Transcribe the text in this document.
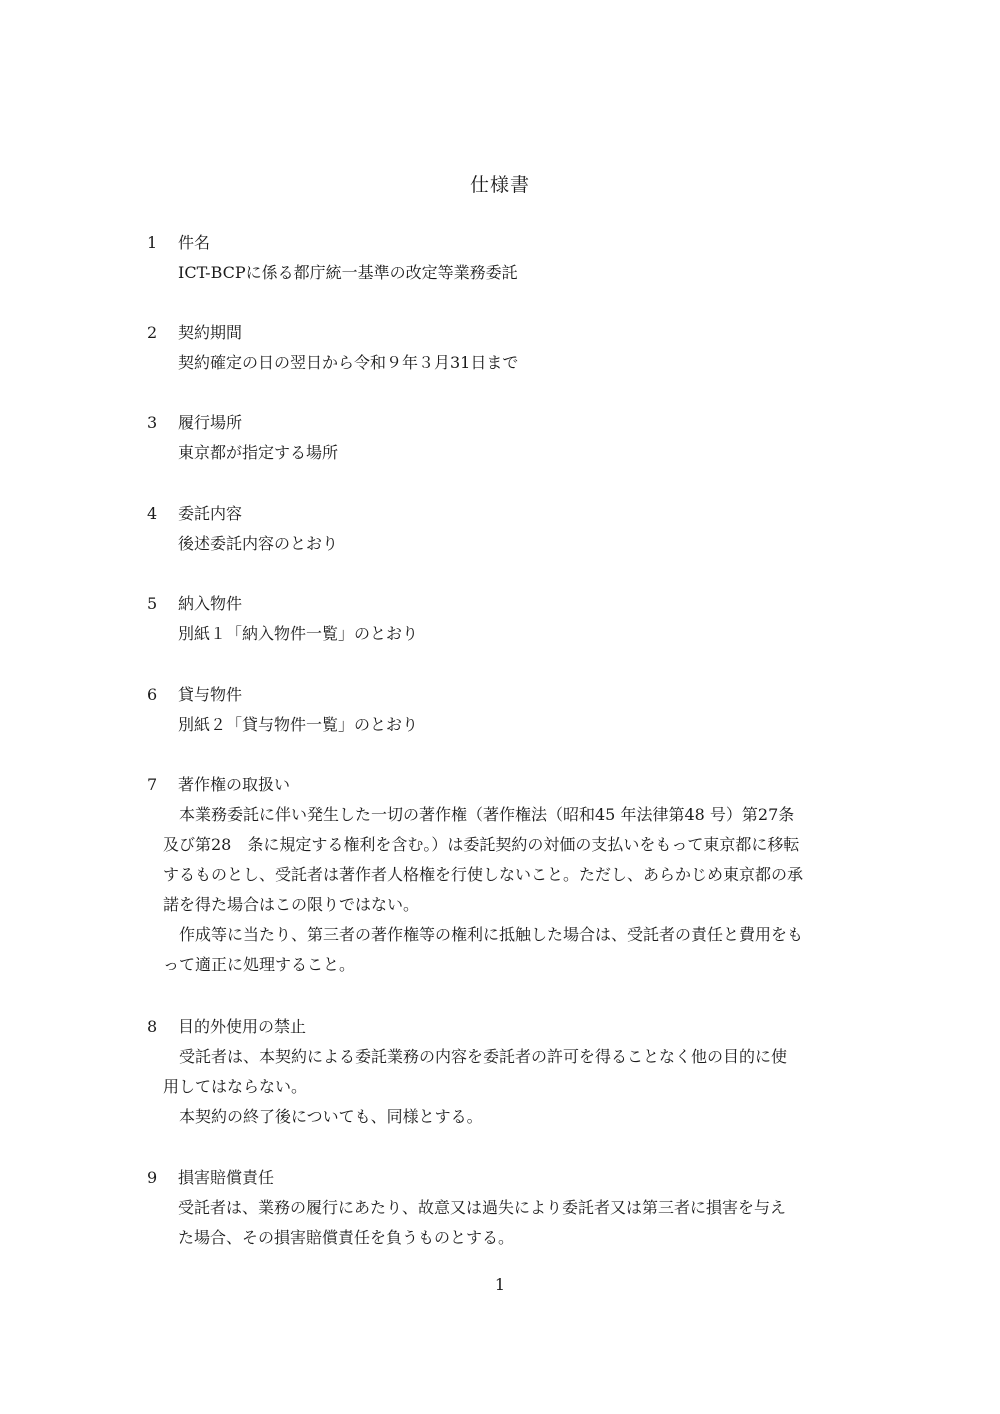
仕様書
1 件名
ICT-BCPに係る都庁統一基準の改定等業務委託
2 契約期間
契約確定の日の翌日から令和９年３月31日まで
3 履行場所
東京都が指定する場所
4 委託内容
後述委託内容のとおり
5 納入物件
別紙１「納入物件一覧」のとおり
6 貸与物件
別紙２「貸与物件一覧」のとおり
7 著作権の取扱い
本業務委託に伴い発生した一切の著作権（著作権法（昭和45 年法律第48 号）第27条
及び第28　条に規定する権利を含む。）は委託契約の対価の支払いをもって東京都に移転
するものとし、受託者は著作者人格権を行使しないこと。ただし、あらかじめ東京都の承
諾を得た場合はこの限りではない。
作成等に当たり、第三者の著作権等の権利に抵触した場合は、受託者の責任と費用をも
って適正に処理すること。
8 目的外使用の禁止
受託者は、本契約による委託業務の内容を委託者の許可を得ることなく他の目的に使
用してはならない。
本契約の終了後についても、同様とする。
9 損害賠償責任
受託者は、業務の履行にあたり、故意又は過失により委託者又は第三者に損害を与え
た場合、その損害賠償責任を負うものとする。
1
